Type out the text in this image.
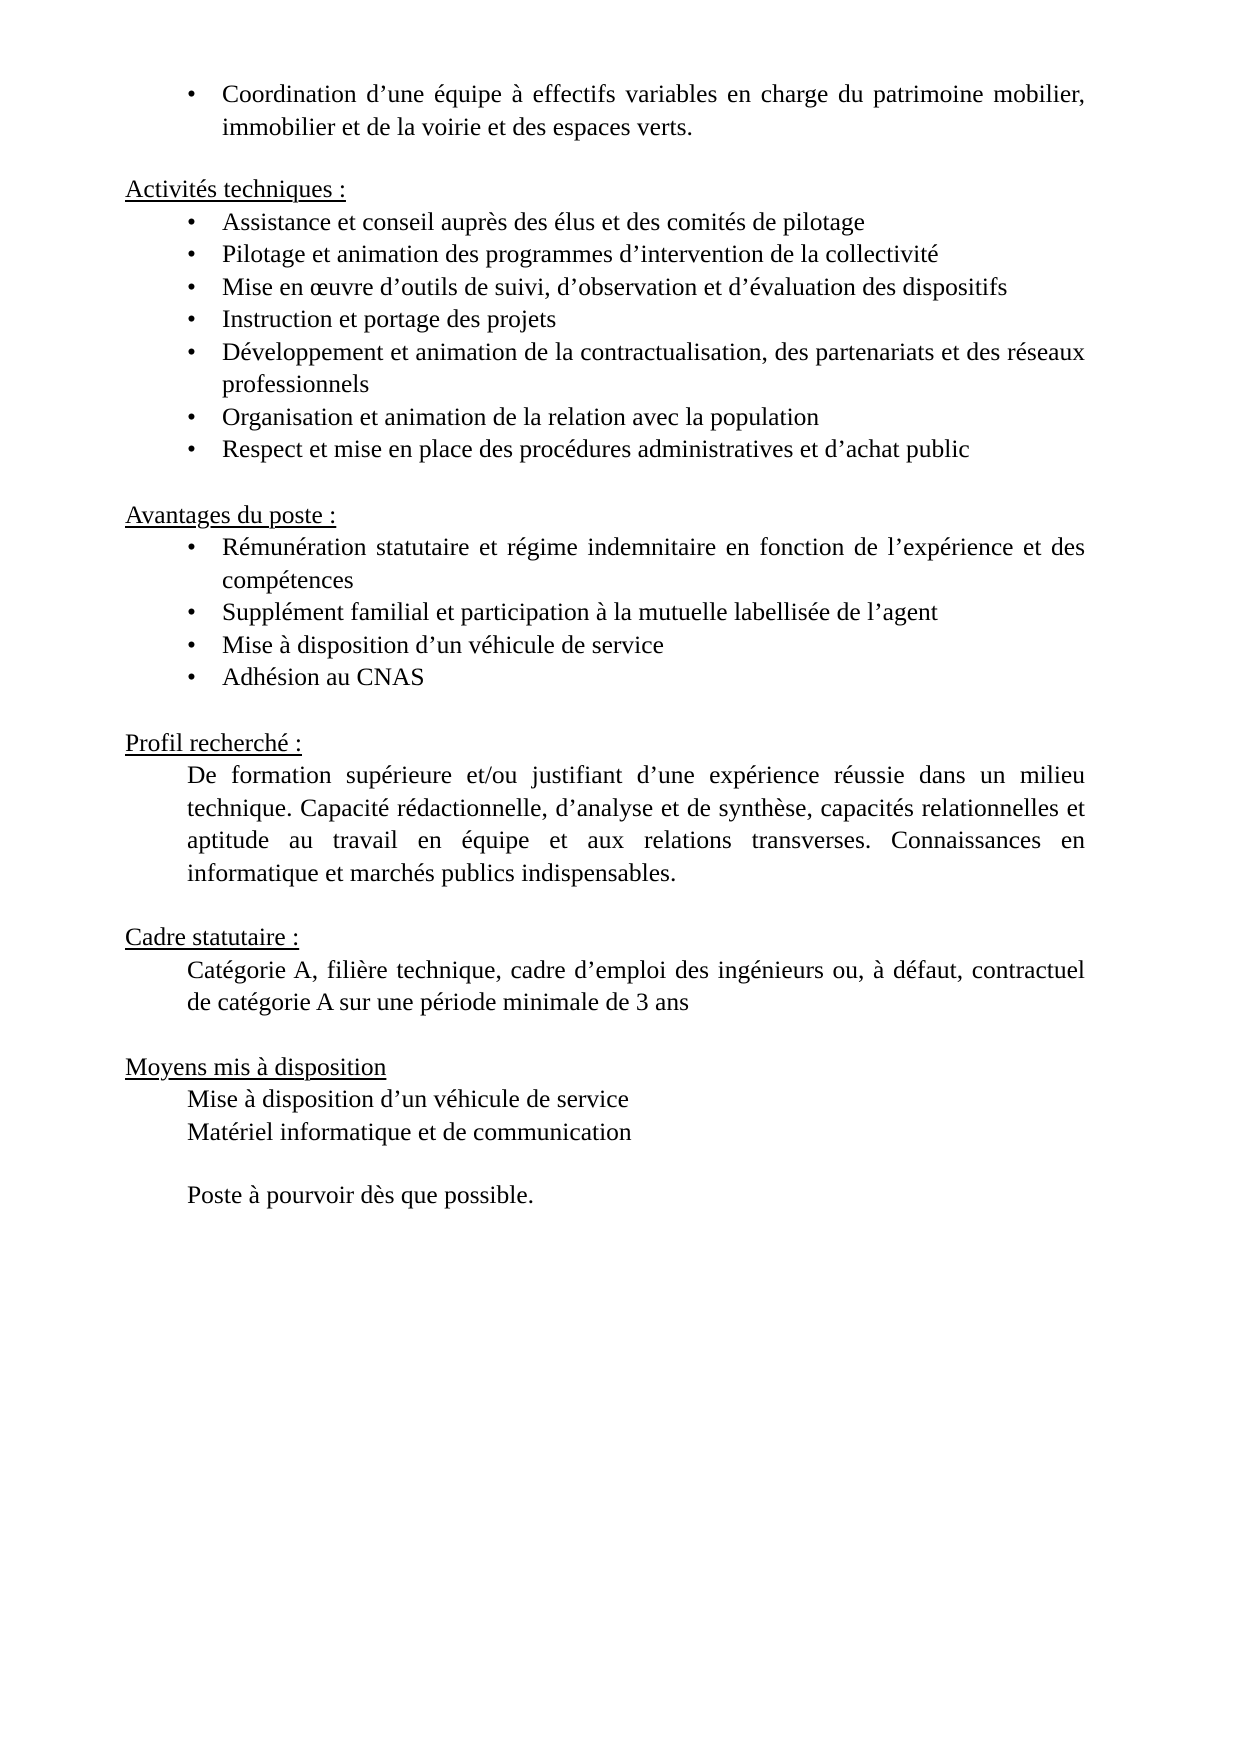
• Coordination d’une équipe à effectifs variables en charge du patrimoine mobilier, immobilier et de la voirie et des espaces verts.
Activités techniques :
• Assistance et conseil auprès des élus et des comités de pilotage
• Pilotage et animation des programmes d’intervention de la collectivité
• Mise en œuvre d’outils de suivi, d’observation et d’évaluation des dispositifs
• Instruction et portage des projets
• Développement et animation de la contractualisation, des partenariats et des réseaux professionnels
• Organisation et animation de la relation avec la population
• Respect et mise en place des procédures administratives et d’achat public
Avantages du poste :
• Rémunération statutaire et régime indemnitaire en fonction de l’expérience et des compétences
• Supplément familial et participation à la mutuelle labellisée de l’agent
• Mise à disposition d’un véhicule de service
• Adhésion au CNAS
Profil recherché :

De formation supérieure et/ou justifiant d’une expérience réussie dans un milieu technique. Capacité rédactionnelle, d’analyse et de synthèse, capacités relationnelles et aptitude au travail en équipe et aux relations transverses. Connaissances en informatique et marchés publics indispensables.

Cadre statutaire :

Catégorie A, filière technique, cadre d’emploi des ingénieurs ou, à défaut, contractuel de catégorie A sur une période minimale de 3 ans

Moyens mis à disposition

Mise à disposition d’un véhicule de service

Matériel informatique et de communication

Poste à pourvoir dès que possible.
